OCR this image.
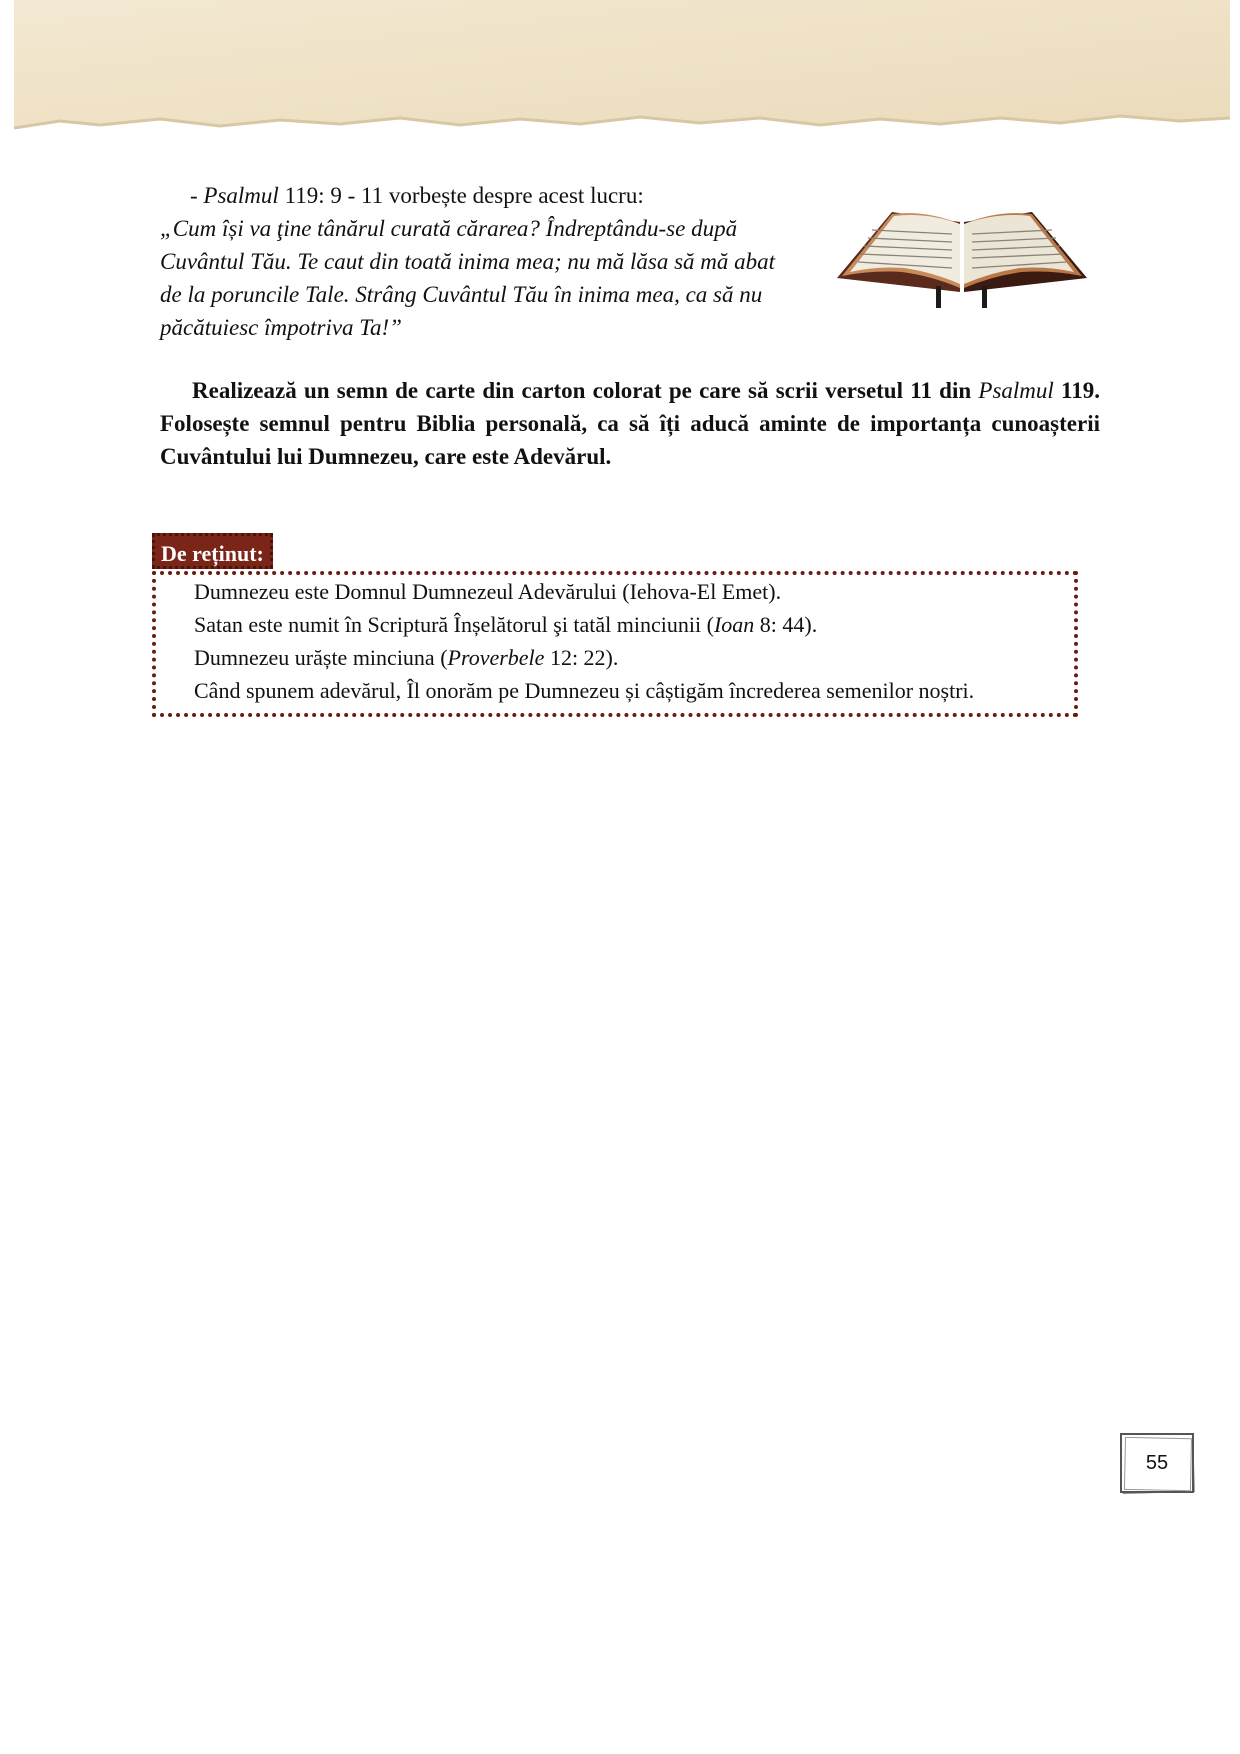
- Psalmul 119: 9 - 11 vorbește despre acest lucru:

„Cum își va ţine tânărul curată cărarea? Îndreptându-se după

Cuvântul Tău. Te caut din toată inima mea; nu mă lăsa să mă abat

de la poruncile Tale. Strâng Cuvântul Tău în inima mea, ca să nu

păcătuiesc împotriva Ta!”

Realizează un semn de carte din carton colorat pe care să scrii versetul 11 din Psalmul 119. Folosește semnul pentru Biblia personală, ca să îți aducă aminte de importanța cunoașterii Cuvântului lui Dumnezeu, care este Adevărul.
De reținut:
Dumnezeu este Domnul Dumnezeul Adevărului (Iehova-El Emet).
Satan este numit în Scriptură Înșelătorul şi tatăl minciunii (Ioan 8: 44).
Dumnezeu urăște minciuna (Proverbele 12: 22).
Când spunem adevărul, Îl onorăm pe Dumnezeu și câștigăm încrederea semenilor noștri.
55
